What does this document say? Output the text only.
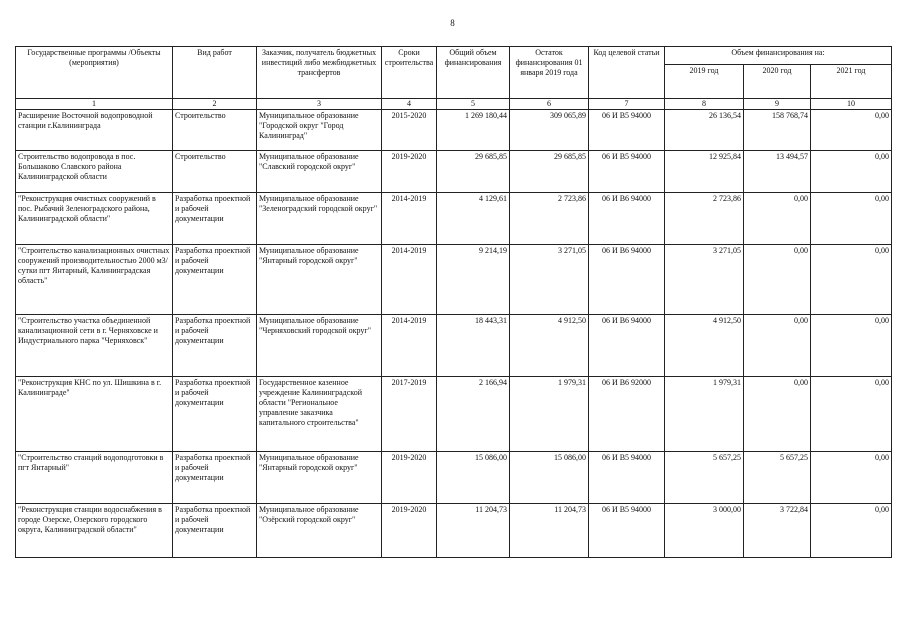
8
Государственные программы /Объекты (мероприятия)	Вид работ	Заказчик, получатель бюджетных инвестиций либо межбюджетных трансфертов	Сроки строительства	Общий объем финансирования	Остаток финансирования 01 января 2019 года	Код целевой статьи	Объем финансирования на:		
							2019 год	2020 год	2021 год
1	2	3	4	5	6	7	8	9	10
Расширение Восточной водопроводной станции г.Калининграда	Строительство	Муниципальное образование "Городской округ "Город Калининград"	2015-2020	1 269 180,44	309 065,89	06 И В5 94000	26 136,54	158 768,74	0,00
Строительство водопровода в пос. Большаково Славского района Калининградской области	Строительство	Муниципальное образование "Славский городской округ"	2019-2020	29 685,85	29 685,85	06 И В5 94000	12 925,84	13 494,57	0,00
"Реконструкция очистных сооружений в пос. Рыбачий Зеленоградского района, Калининградской области"	Разработка проектной и рабочей документации	Муниципальное образование "Зеленоградский городской округ"	2014-2019	4 129,61	2 723,86	06 И В6 94000	2 723,86	0,00	0,00
"Строительство канализационных очистных сооружений производительностью 2000 м3/сутки пгт Янтарный, Калининградская область"	Разработка проектной и рабочей документации	Муниципальное образование "Янтарный городской округ"	2014-2019	9 214,19	3 271,05	06 И В6 94000	3 271,05	0,00	0,00
"Строительство участка объединенной канализационной сети в г. Черняховске и Индустриального парка "Черняховск"	Разработка проектной и рабочей документации	Муниципальное образование "Черняховский городской округ"	2014-2019	18 443,31	4 912,50	06 И В6 94000	4 912,50	0,00	0,00
"Реконструкция КНС по ул. Шишкина в г. Калининграде"	Разработка проектной и рабочей документации	Государственное казенное учреждение Калининградской области "Региональное управление заказчика капитального строительства"	2017-2019	2 166,94	1 979,31	06 И В6 92000	1 979,31	0,00	0,00
"Строительство станций водоподготовки в пгт Янтарный"	Разработка проектной и рабочей документации	Муниципальное образование "Янтарный городской округ"	2019-2020	15 086,00	15 086,00	06 И В5 94000	5 657,25	5 657,25	0,00
"Реконструкция станции водоснабжения в городе Озерске, Озерского городского округа, Калининградской области"	Разработка проектной и рабочей документации	Муниципальное образование "Озёрский городской округ"	2019-2020	11 204,73	11 204,73	06 И В5 94000	3 000,00	3 722,84	0,00
